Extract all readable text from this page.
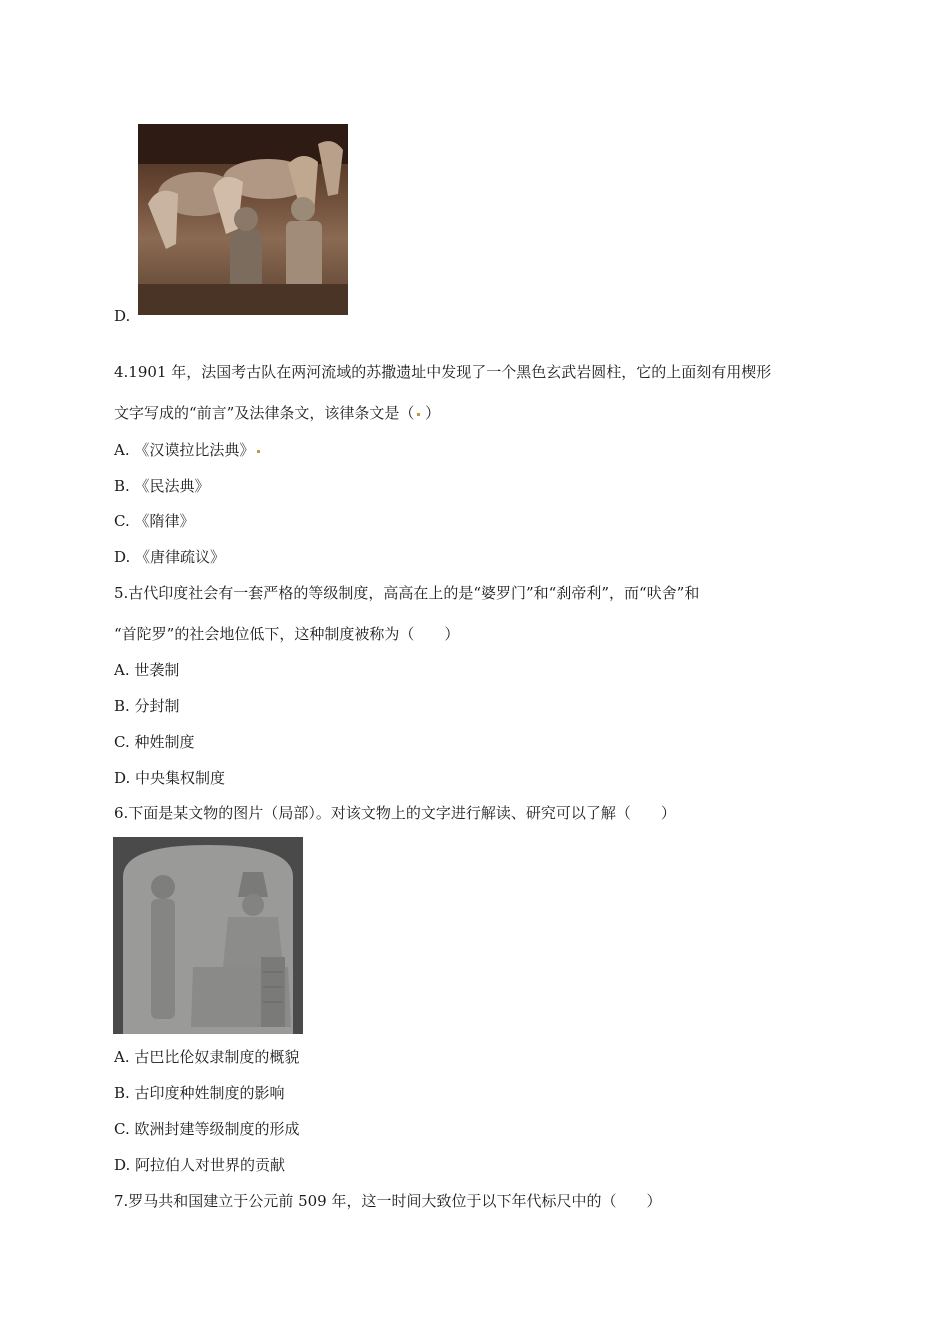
D.
4.1901 年，法国考古队在两河流域的苏撒遗址中发现了一个黑色玄武岩圆柱，它的上面刻有用楔形
文字写成的“前言”及法律条文，该律条文是（ ）
A. 《汉谟拉比法典》
B. 《民法典》
C. 《隋律》
D. 《唐律疏议》
5.古代印度社会有一套严格的等级制度，高高在上的是“婆罗门”和“刹帝利”，而“吠舍”和
“首陀罗”的社会地位低下，这种制度被称为（　　）
A. 世袭制
B. 分封制
C. 种姓制度
D. 中央集权制度
6.下面是某文物的图片（局部）。对该文物上的文字进行解读、研究可以了解（　　）
A. 古巴比伦奴隶制度的概貌
B. 古印度种姓制度的影响
C. 欧洲封建等级制度的形成
D. 阿拉伯人对世界的贡献
7.罗马共和国建立于公元前 509 年，这一时间大致位于以下年代标尺中的（　　）
